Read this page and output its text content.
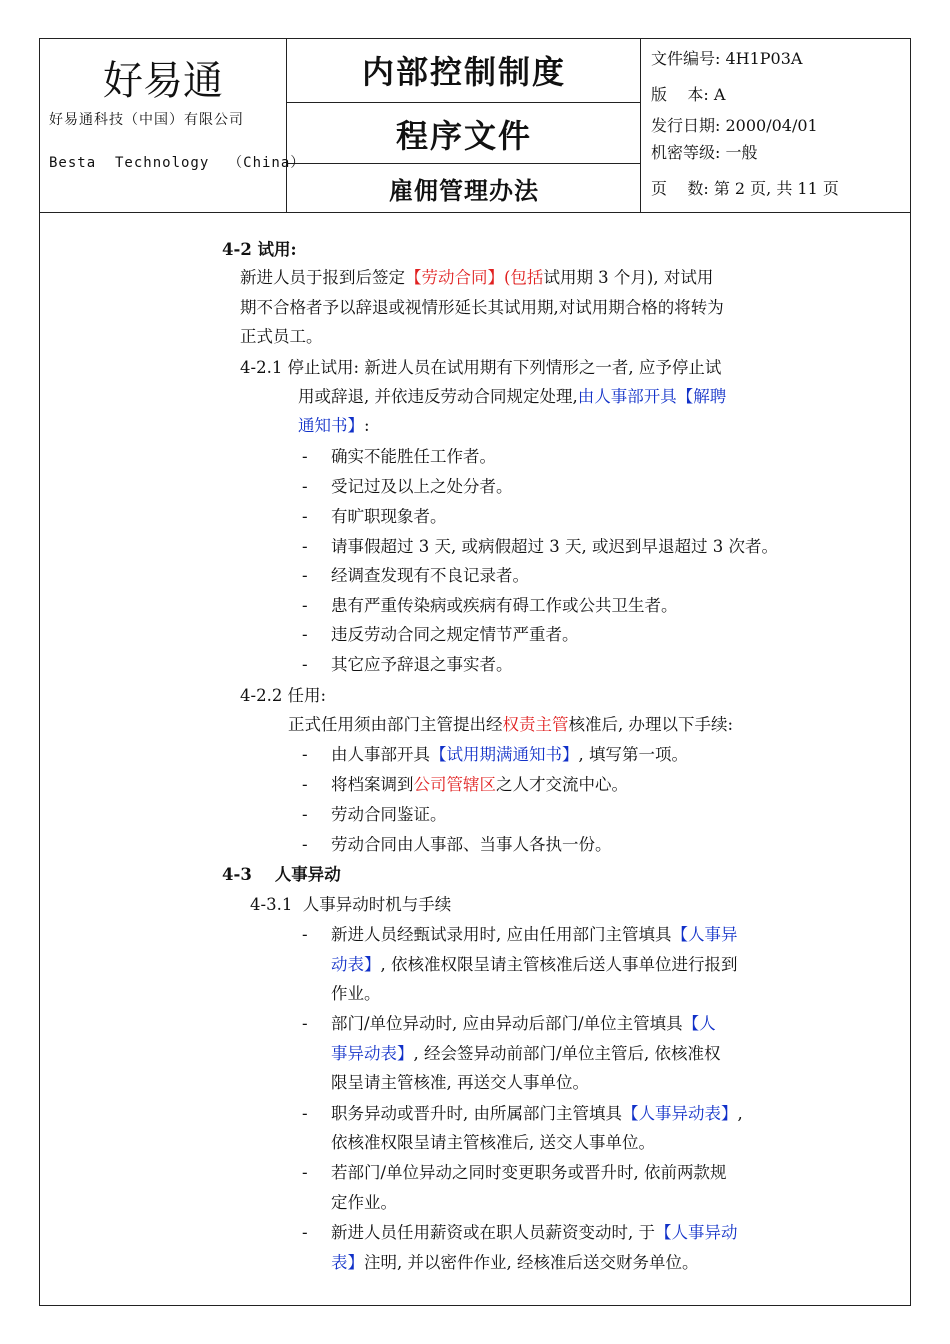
好易通
好易通科技（中国）有限公司
Besta  Technology  （China）
内部控制制度
程序文件
雇佣管理办法
文件编号: 4H1P03A
版    本: A
发行日期: 2000/04/01
机密等级: 一般
页    数: 第 2 页, 共 11 页
4-2 试用:
新进人员于报到后签定【劳动合同】(包括试用期 3 个月), 对试用
期不合格者予以辞退或视情形延长其试用期,对试用期合格的将转为
正式员工。
4-2.1 停止试用: 新进人员在试用期有下列情形之一者, 应予停止试
用或辞退, 并依违反劳动合同规定处理,由人事部开具【解聘
通知书】:
- 确实不能胜任工作者。
- 受记过及以上之处分者。
- 有旷职现象者。
- 请事假超过 3 天, 或病假超过 3 天, 或迟到早退超过 3 次者。
- 经调查发现有不良记录者。
- 患有严重传染病或疾病有碍工作或公共卫生者。
- 违反劳动合同之规定情节严重者。
- 其它应予辞退之事实者。
4-2.2 任用:
正式任用须由部门主管提出经权责主管核准后, 办理以下手续:
- 由人事部开具【试用期满通知书】, 填写第一项。
- 将档案调到公司管辖区之人才交流中心。
- 劳动合同鉴证。
- 劳动合同由人事部、当事人各执一份。
4-3    人事异动
4-3.1  人事异动时机与手续
- 新进人员经甄试录用时, 应由任用部门主管填具【人事异
动表】, 依核准权限呈请主管核准后送人事单位进行报到
作业。
- 部门/单位异动时, 应由异动后部门/单位主管填具【人
事异动表】, 经会签异动前部门/单位主管后, 依核准权
限呈请主管核准, 再送交人事单位。
- 职务异动或晋升时, 由所属部门主管填具【人事异动表】,
依核准权限呈请主管核准后, 送交人事单位。
- 若部门/单位异动之同时变更职务或晋升时, 依前两款规
定作业。
- 新进人员任用薪资或在职人员薪资变动时, 于【人事异动
表】注明, 并以密件作业, 经核准后送交财务单位。
